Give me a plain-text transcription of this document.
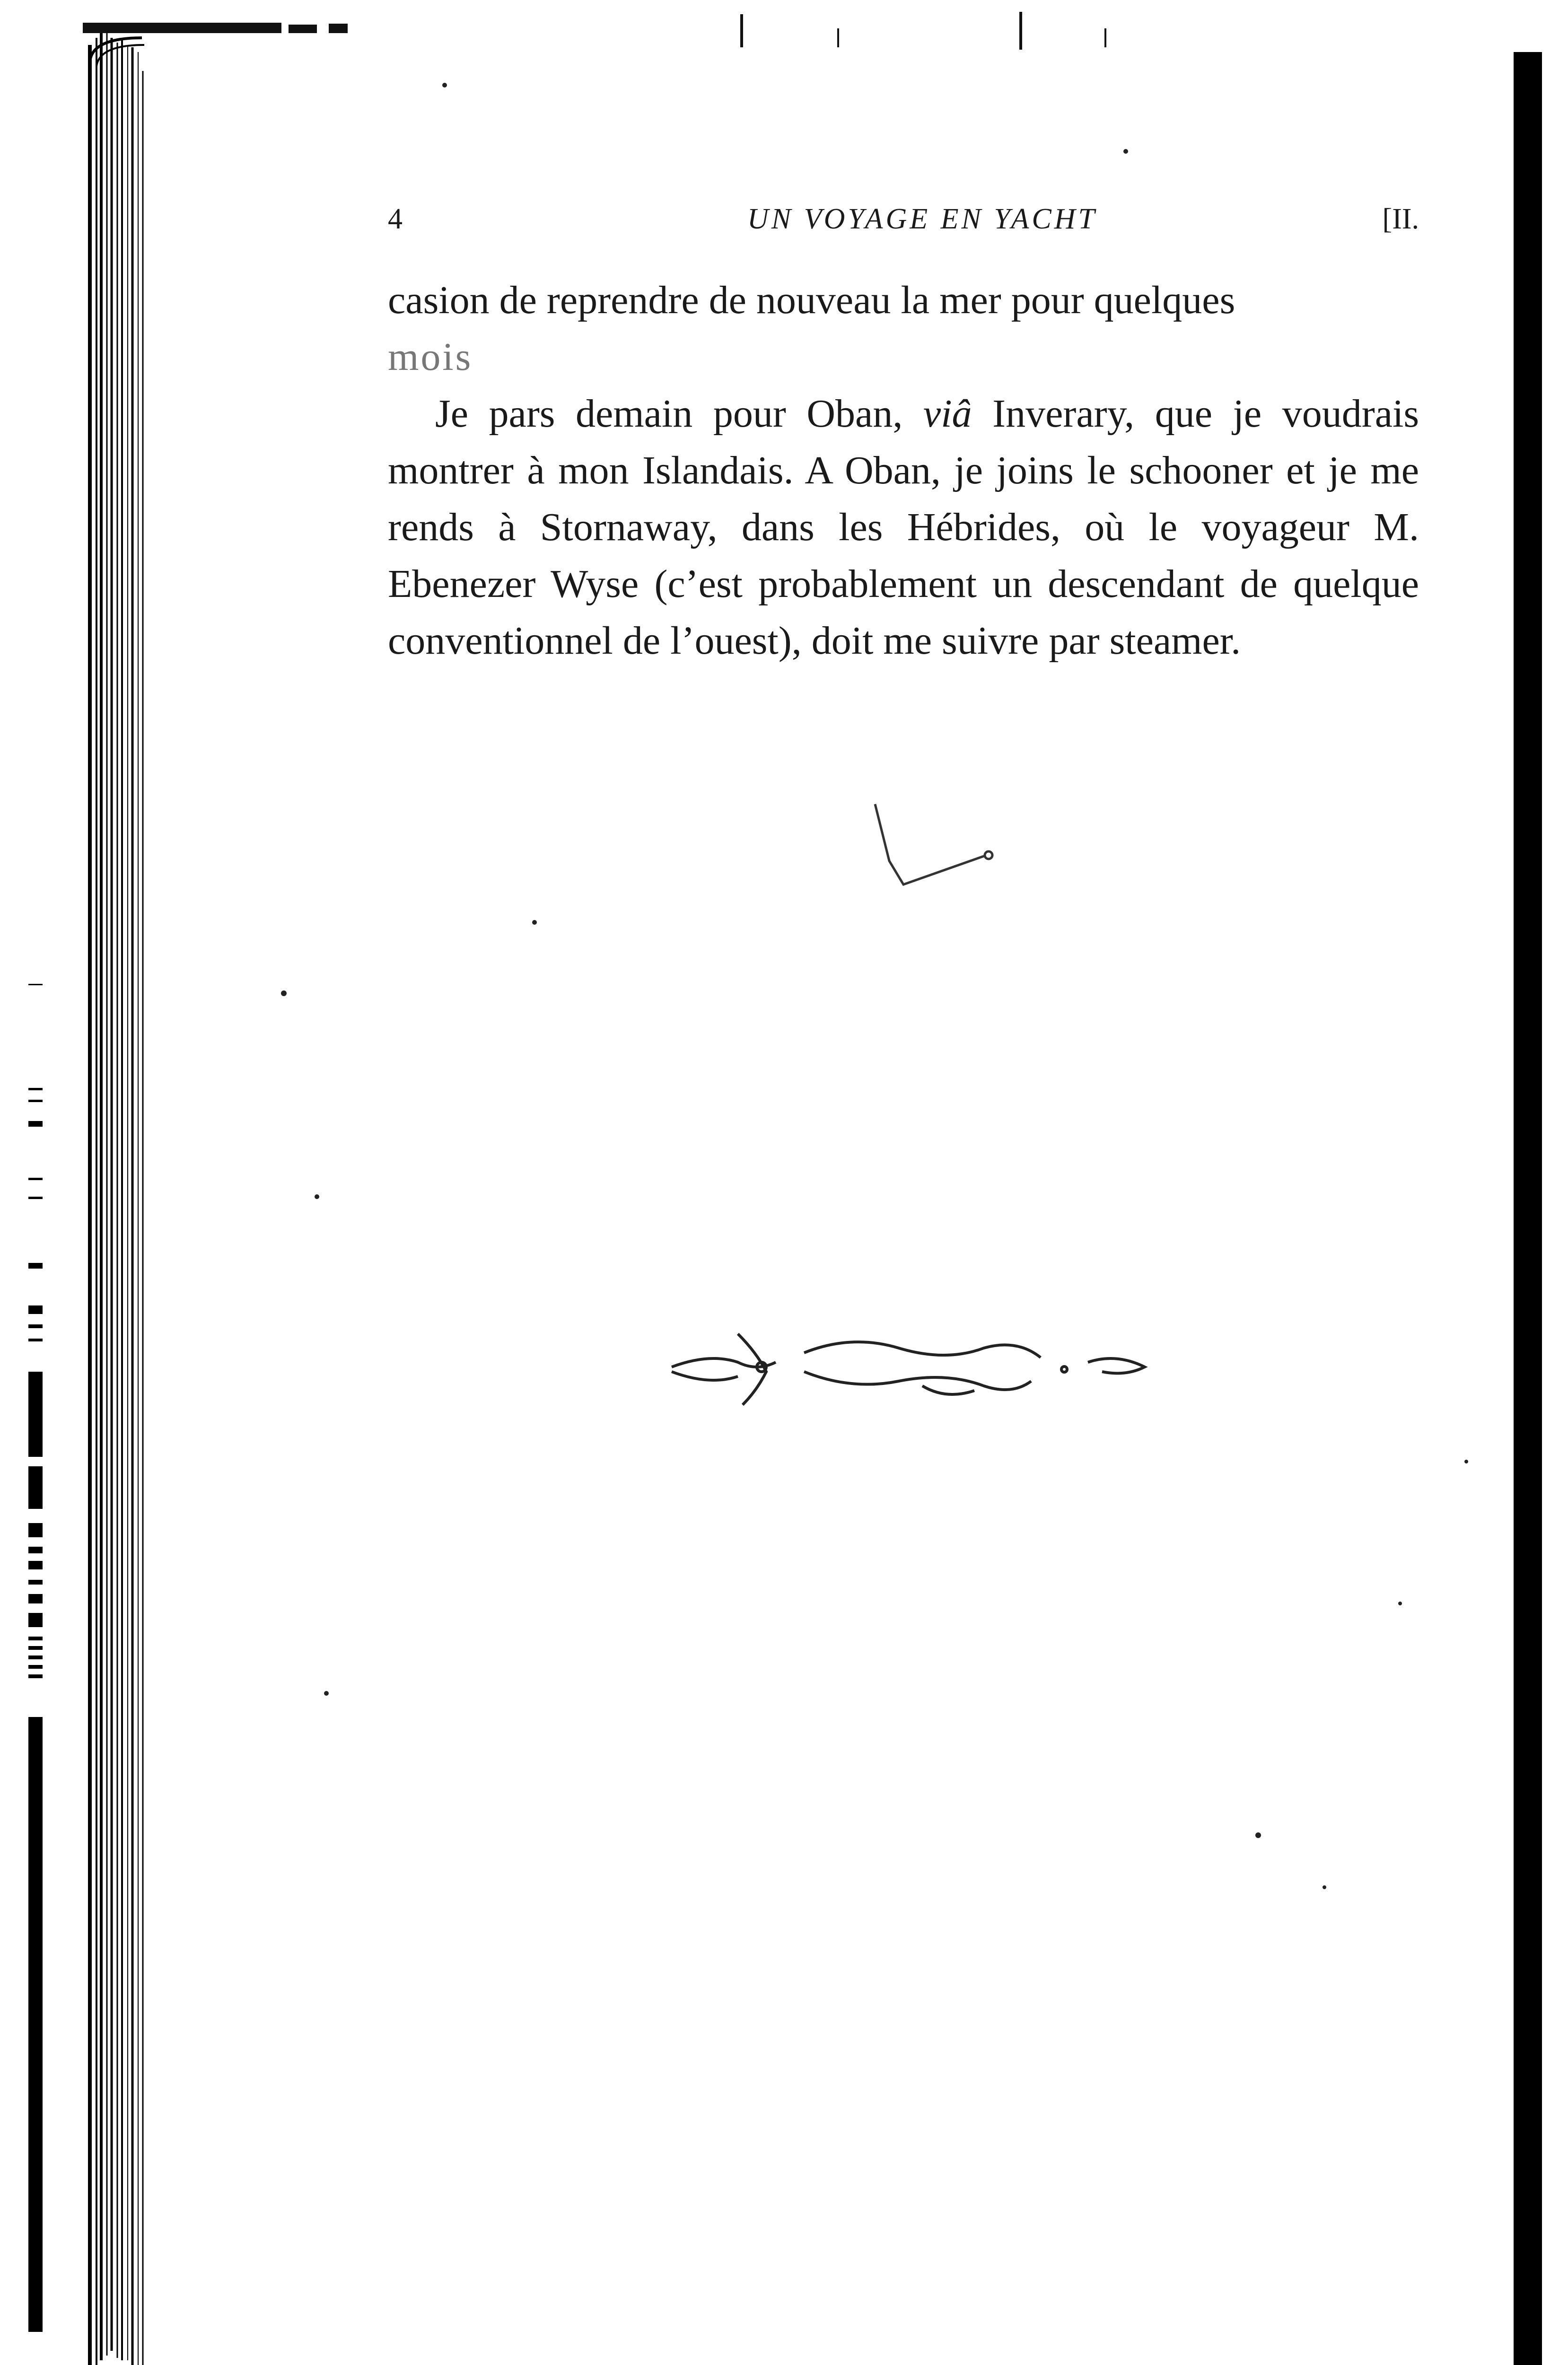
4	UN VOYAGE EN YACHT	[II.

casion de reprendre de nouveau la mer pour quelques
mois

Je pars demain pour Oban, viâ Inverary, que je voudrais montrer à mon Islandais. A Oban, je joins le schooner et je me rends à Stornaway, dans les Hébrides, où le voyageur M. Ebenezer Wyse (c’est probablement un descendant de quelque conventionnel de l’ouest), doit me suivre par steamer.
